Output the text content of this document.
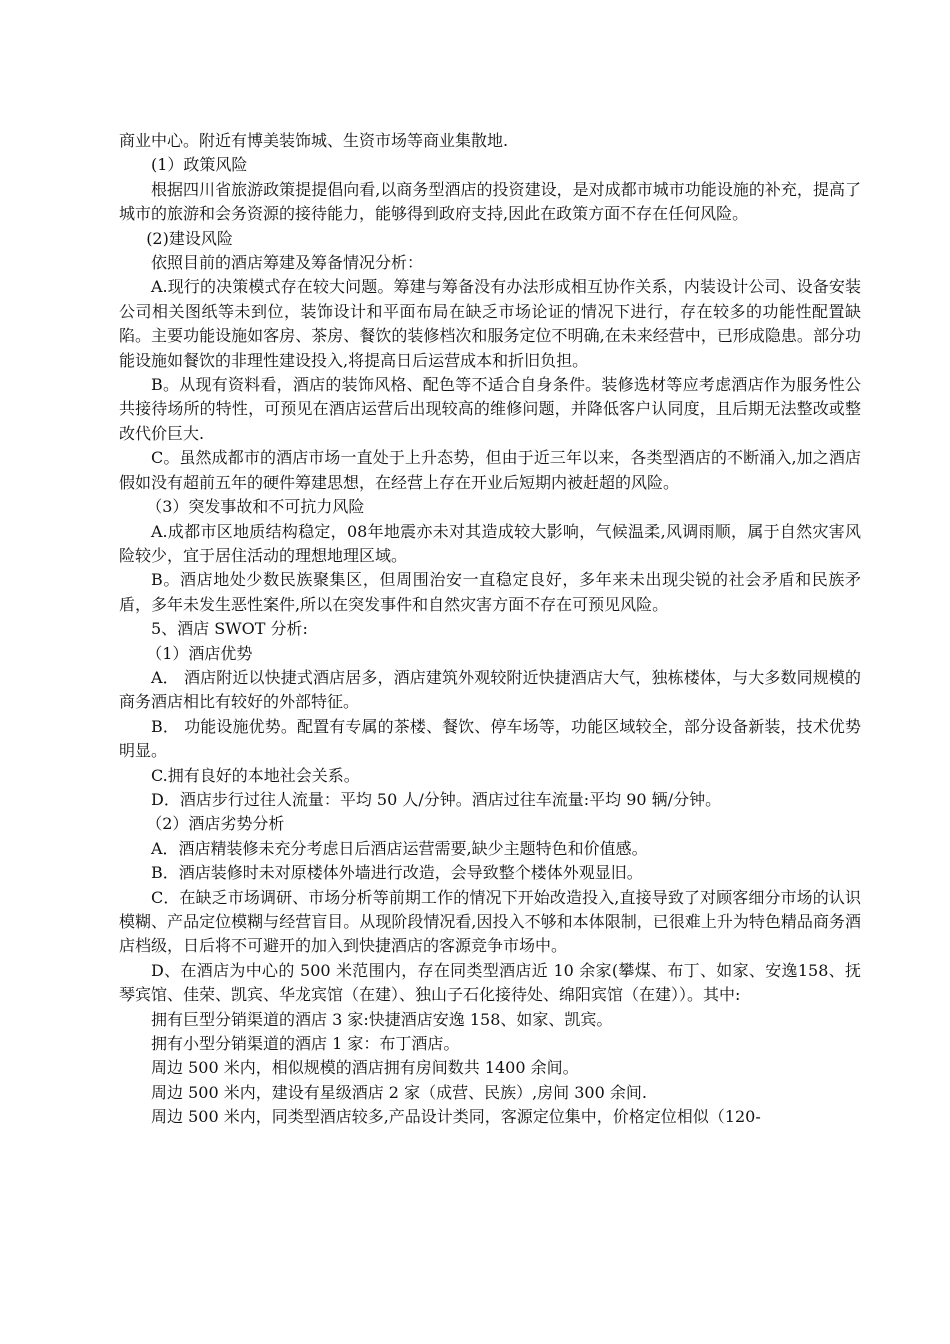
商业中心。附近有博美装饰城、生资市场等商业集散地.

(1）政策风险

根据四川省旅游政策提提倡向看,以商务型酒店的投资建设，是对成都市城市功能设施的补充，提高了城市的旅游和会务资源的接待能力，能够得到政府支持,因此在政策方面不存在任何风险。

(2)建设风险

依照目前的酒店筹建及筹备情况分析：

A.现行的决策模式存在较大问题。筹建与筹备没有办法形成相互协作关系，内装设计公司、设备安装公司相关图纸等未到位，装饰设计和平面布局在缺乏市场论证的情况下进行，存在较多的功能性配置缺陷。主要功能设施如客房、茶房、餐饮的装修档次和服务定位不明确,在未来经营中，已形成隐患。部分功能设施如餐饮的非理性建设投入,将提高日后运营成本和折旧负担。

B。从现有资料看，酒店的装饰风格、配色等不适合自身条件。装修选材等应考虑酒店作为服务性公共接待场所的特性，可预见在酒店运营后出现较高的维修问题，并降低客户认同度，且后期无法整改或整改代价巨大.

C。虽然成都市的酒店市场一直处于上升态势，但由于近三年以来，各类型酒店的不断涌入,加之酒店假如没有超前五年的硬件筹建思想，在经营上存在开业后短期内被赶超的风险。

（3）突发事故和不可抗力风险

A.成都市区地质结构稳定，08年地震亦未对其造成较大影响，气候温柔,风调雨顺，属于自然灾害风险较少，宜于居住活动的理想地理区域。

B。酒店地处少数民族聚集区，但周围治安一直稳定良好，多年来未出现尖锐的社会矛盾和民族矛盾，多年未发生恶性案件,所以在突发事件和自然灾害方面不存在可预见风险。

5、酒店 SWOT 分析:

（1）酒店优势

A． 酒店附近以快捷式酒店居多，酒店建筑外观较附近快捷酒店大气，独栋楼体，与大多数同规模的商务酒店相比有较好的外部特征。

B． 功能设施优势。配置有专属的茶楼、餐饮、停车场等，功能区域较全，部分设备新装，技术优势明显。

C.拥有良好的本地社会关系。

D．酒店步行过往人流量：平均 50 人/分钟。酒店过往车流量:平均 90 辆/分钟。

（2）酒店劣势分析

A．酒店精装修未充分考虑日后酒店运营需要,缺少主题特色和价值感。

B．酒店装修时未对原楼体外墙进行改造，会导致整个楼体外观显旧。

C．在缺乏市场调研、市场分析等前期工作的情况下开始改造投入,直接导致了对顾客细分市场的认识模糊、产品定位模糊与经营盲目。从现阶段情况看,因投入不够和本体限制，已很难上升为特色精品商务酒店档级，日后将不可避开的加入到快捷酒店的客源竞争市场中。

D、在酒店为中心的 500 米范围内，存在同类型酒店近 10 余家(攀煤、布丁、如家、安逸158、抚琴宾馆、佳荣、凯宾、华龙宾馆（在建）、独山子石化接待处、绵阳宾馆（在建））。其中:

拥有巨型分销渠道的酒店 3 家:快捷酒店安逸 158、如家、凯宾。

拥有小型分销渠道的酒店 1 家：布丁酒店。

周边 500 米内，相似规模的酒店拥有房间数共 1400 余间。

周边 500 米内，建设有星级酒店 2 家（成营、民族）,房间 300 余间.

周边 500 米内，同类型酒店较多,产品设计类同，客源定位集中，价格定位相似（120-
